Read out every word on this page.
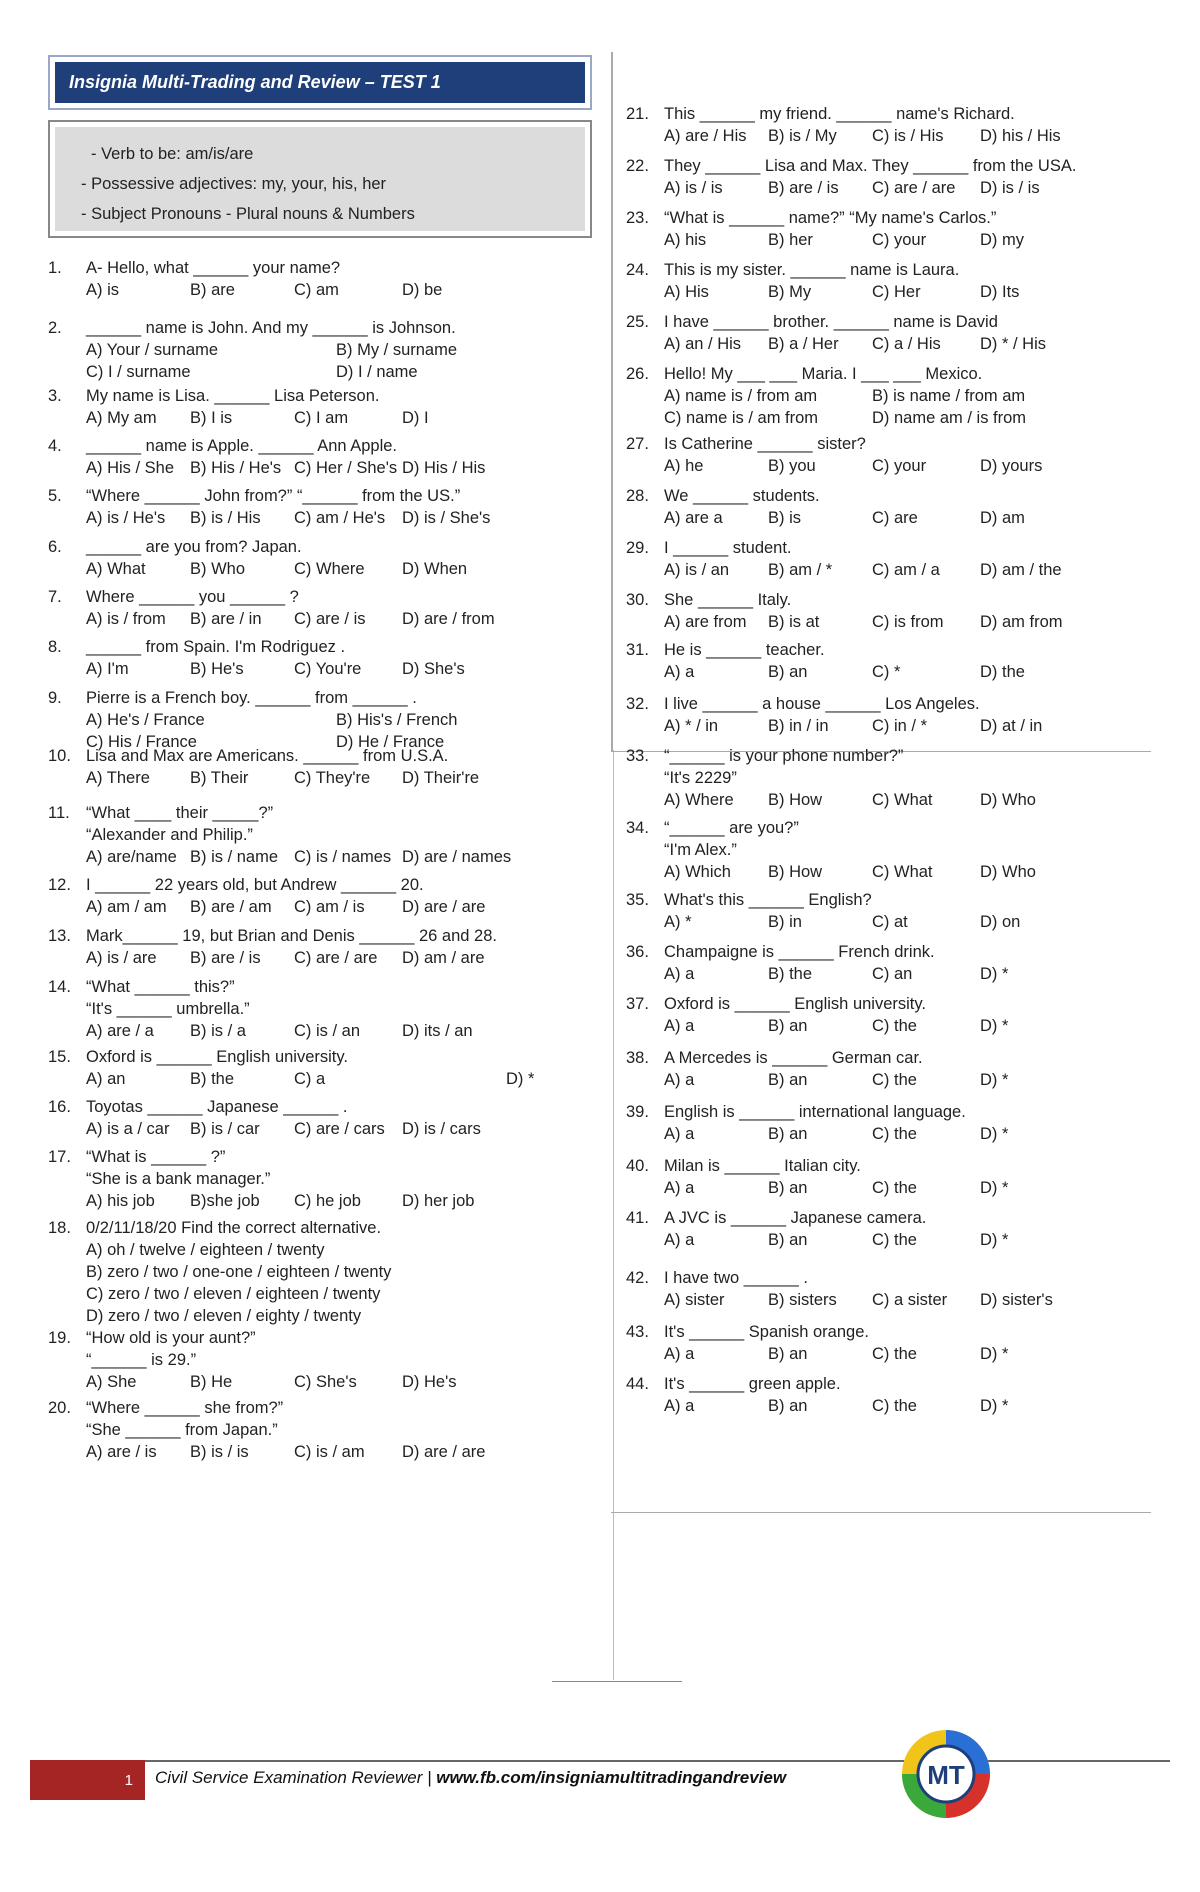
Insignia Multi-Trading and Review – TEST 1
- Verb to be: am/is/are
- Possessive adjectives: my, your, his, her
- Subject Pronouns - Plural nouns & Numbers
1. A- Hello, what ______ your name?
A) is	B) are	C) am	D) be
2. ______ name is John. And my ______ is Johnson.
A) Your / surname	B) My / surname
C) I / surname	D) I / name
3. My name is Lisa. ______ Lisa Peterson.
A) My am B) I is	C) I am	D) I
4. ______ name is Apple. ______ Ann Apple.
A) His / She B) His / He's C) Her / She's D) His / His
5. “Where ______ John from?” “______ from the US.”
A) is / He's B) is / His C) am / He's D) is / She's
6. ______ are you from? Japan.
A) What	B) Who	C) Where D) When
7. Where ______ you ______ ?
A) is / from B) are / in C) are / is D) are / from
8. ______ from Spain. I'm Rodriguez .
A) I'm	B) He's	C) You're D) She's
9. Pierre is a French boy. ______ from ______ .
A) He's / France	B) His's / French
C) His / France	D) He / France
10. Lisa and Max are Americans. ______ from U.S.A.
A) There B) Their	C) They're D) Their're
11. “What ____ their _____?”
“Alexander and Philip.”
A) are/name B) is / name C) is / names D) are / names
12. I ______ 22 years old, but Andrew ______ 20.
A) am / am B) are / am C) am / is D) are / are
13. Mark______ 19, but Brian and Denis ______ 26 and 28.
A) is / are B) are / is C) are / are D) am / are
14. “What ______ this?”
“It's ______ umbrella.”
A) are / a B) is / a	C) is / an	D) its / an
15. Oxford is ______ English university.
A) an	B) the	C) a	D) *
16. Toyotas ______ Japanese ______ .
A) is a / car B) is / car C) are / cars D) is / cars
17. “What is ______ ?”
“She is a bank manager.”
A) his job B)she job C) he job D) her job
18. 0/2/11/18/20 Find the correct alternative.
A) oh / twelve / eighteen / twenty
B) zero / two / one-one / eighteen / twenty
C) zero / two / eleven / eighteen / twenty
D) zero / two / eleven / eighty / twenty
19. “How old is your aunt?”
“______ is 29.”
A) She	B) He	C) She's	D) He's
20. “Where ______ she from?”
“She ______ from Japan.”
A) are / is B) is / is	C) is / am D) are / are
21. This ______ my friend. ______ name's Richard.
A) are / His B) is / My C) is / His D) his / His
22. They ______ Lisa and Max. They ______ from the USA.
A) is / is	B) are / is C) are / are D) is / is
23. “What is ______ name?” “My name's Carlos.”
A) his	B) her	C) your	D) my
24. This is my sister. ______ name is Laura.
A) His	B) My	C) Her	D) Its
25. I have ______ brother. ______ name is David
A) an / His B) a / Her C) a / His D) * / His
26. Hello! My ___ ___ Maria. I ___ ___ Mexico.
A) name is / from am	B) is name / from am
C) name is / am from	D) name am / is from
27. Is Catherine ______ sister?
A) he	B) you	C) your	D) yours
28. We ______ students.
A) are a	B) is	C) are	D) am
29. I ______ student.
A) is / an B) am / * C) am / a D) am / the
30. She ______ Italy.
A) are from B) is at	C) is from D) am from
31. He is ______ teacher.
A) a	B) an	C) *	D) the
32. I live ______ a house ______ Los Angeles.
A) * / in	B) in / in	C) in / *	D) at / in
33. “______ is your phone number?”
“It's 2229”
A) Where B) How	C) What	D) Who
34. “______ are you?”
“I'm Alex.”
A) Which B) How	C) What	D) Who
35. What's this ______ English?
A) *	B) in	C) at	D) on
36. Champaigne is ______ French drink.
A) a	B) the	C) an	D) *
37. Oxford is ______ English university.
A) a	B) an	C) the	D) *
38. A Mercedes is ______ German car.
A) a	B) an	C) the	D) *
39. English is ______ international language.
A) a	B) an	C) the	D) *
40. Milan is ______ Italian city.
A) a	B) an	C) the	D) *
41. A JVC is ______ Japanese camera.
A) a	B) an	C) the	D) *
42. I have two ______ .
A) sister	B) sisters C) a sister D) sister's
43. It's ______ Spanish orange.
A) a	B) an	C) the	D) *
44. It's ______ green apple.
A) a	B) an	C) the	D) *
1 Civil Service Examination Reviewer | www.fb.com/insigniamultitradingandreview	MT
